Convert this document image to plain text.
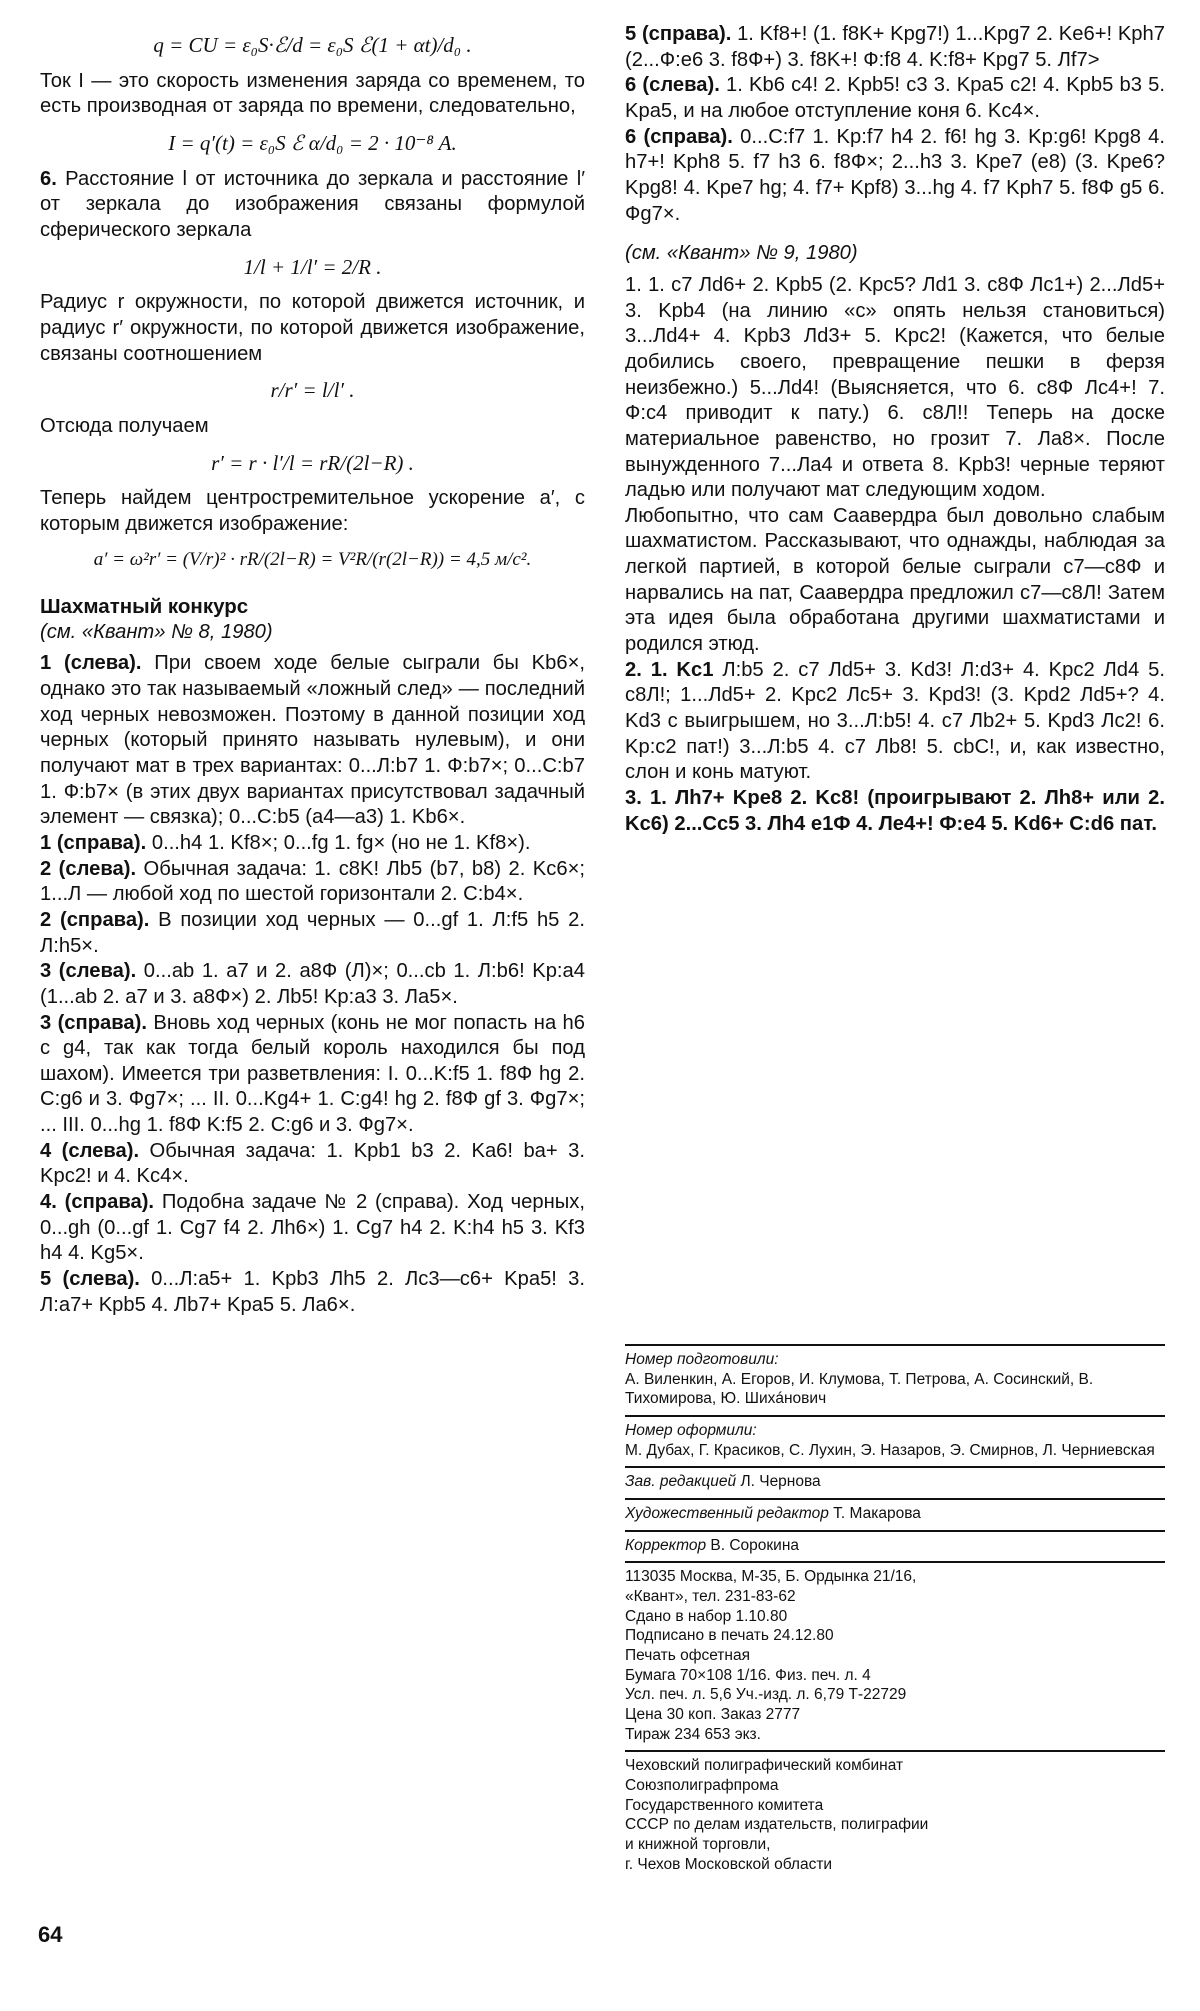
q = CU = ε₀S·ℰ/d = ε₀S ℰ(1 + αt)/d₀ .

Ток I — это скорость изменения заряда со временем, то есть производная от заряда по времени, следовательно,

I = q′(t) = ε₀S ℰ α/d₀ = 2 · 10⁻⁸ A.

6. Расстояние l от источника до зеркала и расстояние l′ от зеркала до изображения связаны формулой сферического зеркала

1/l + 1/l′ = 2/R .

Радиус r окружности, по которой движется источник, и радиус r′ окружности, по которой движется изображение, связаны соотношением

r/r′ = l/l′ .

Отсюда получаем

r′ = r · l′/l = rR/(2l−R) .

Теперь найдем центростремительное ускорение a′, с которым движется изображение:

a′ = ω²r′ = (V/r)² · rR/(2l−R) = V²R/(r(2l−R)) = 4,5 м/с².
Шахматный конкурс
(см. «Квант» № 8, 1980)

1 (слева). При своем ходе белые сыграли бы Kb6×, однако это так называемый «ложный след» — последний ход черных невозможен. Поэтому в данной позиции ход черных (который принято называть нулевым), и они получают мат в трех вариантах: 0...Л:b7 1. Ф:b7×; 0...C:b7 1. Ф:b7× (в этих двух вариантах присутствовал задачный элемент — связка); 0...C:b5 (a4—a3) 1. Kb6×.

1 (справа). 0...h4 1. Kf8×; 0...fg 1. fg× (но не 1. Kf8×).

2 (слева). Обычная задача: 1. c8K! Лb5 (b7, b8) 2. Kc6×; 1...Л — любой ход по шестой горизонтали 2. C:b4×.

2 (справа). В позиции ход черных — 0...gf 1. Л:f5 h5 2. Л:h5×.

3 (слева). 0...ab 1. a7 и 2. a8Ф (Л)×; 0...cb 1. Л:b6! Kp:a4 (1...ab 2. a7 и 3. a8Ф×) 2. Лb5! Kp:a3 3. Лa5×.

3 (справа). Вновь ход черных (конь не мог попасть на h6 с g4, так как тогда белый король находился бы под шахом). Имеется три разветвления: I. 0...K:f5 1. f8Ф hg 2. C:g6 и 3. Фg7×; ... II. 0...Kg4+ 1. C:g4! hg 2. f8Ф gf 3. Фg7×; ... III. 0...hg 1. f8Ф K:f5 2. C:g6 и 3. Фg7×.

4 (слева). Обычная задача: 1. Kpb1 b3 2. Ka6! ba+ 3. Kpc2! и 4. Kc4×.

4. (справа). Подобна задаче № 2 (справа). Ход черных, 0...gh (0...gf 1. Cg7 f4 2. Лh6×) 1. Cg7 h4 2. K:h4 h5 3. Kf3 h4 4. Kg5×.

5 (слева). 0...Л:a5+ 1. Kpb3 Лh5 2. Лc3—c6+ Kpa5! 3. Л:a7+ Kpb5 4. Лb7+ Kpa5 5. Лa6×.

5 (справа). 1. Kf8+! (1. f8K+ Kpg7!) 1...Kpg7 2. Ke6+! Kph7 (2...Ф:e6 3. f8Ф+) 3. f8K+! Ф:f8 4. K:f8+ Kpg7 5. Лf7>

6 (слева). 1. Kb6 c4! 2. Kpb5! c3 3. Kpa5 c2! 4. Kpb5 b3 5. Kpa5, и на любое отступление коня 6. Kc4×.

6 (справа). 0...C:f7 1. Kp:f7 h4 2. f6! hg 3. Kp:g6! Kpg8 4. h7+! Kph8 5. f7 h3 6. f8Ф×; 2...h3 3. Kpe7 (e8) (3. Kpe6? Kpg8! 4. Kpe7 hg; 4. f7+ Kpf8) 3...hg 4. f7 Kph7 5. f8Ф g5 6. Фg7×.

(см. «Квант» № 9, 1980)

1. 1. c7 Лd6+ 2. Kpb5 (2. Kpc5? Лd1 3. c8Ф Лc1+) 2...Лd5+ 3. Kpb4 (на линию «c» опять нельзя становиться) 3...Лd4+ 4. Kpb3 Лd3+ 5. Kpc2! (Кажется, что белые добились своего, превращение пешки в ферзя неизбежно.) 5...Лd4! (Выясняется, что 6. c8Ф Лc4+! 7. Ф:c4 приводит к пату.) 6. c8Л!! Теперь на доске материальное равенство, но грозит 7. Лa8×. После вынужденного 7...Лa4 и ответа 8. Kpb3! черные теряют ладью или получают мат следующим ходом.

Любопытно, что сам Саавердра был довольно слабым шахматистом. Рассказывают, что однажды, наблюдая за легкой партией, в которой белые сыграли c7—c8Ф и нарвались на пат, Саавердра предложил c7—c8Л! Затем эта идея была обработана другими шахматистами и родился этюд.

2. 1. Kc1 Л:b5 2. c7 Лd5+ 3. Kd3! Л:d3+ 4. Kpc2 Лd4 5. c8Л!; 1...Лd5+ 2. Kpc2 Лc5+ 3. Kpd3! (3. Kpd2 Лd5+? 4. Kd3 с выигрышем, но 3...Л:b5! 4. c7 Лb2+ 5. Kpd3 Лc2! 6. Kp:c2 пат!) 3...Л:b5 4. c7 Лb8! 5. cbC!, и, как известно, слон и конь матуют.

3. 1. Лh7+ Kpe8 2. Kc8! (проигрывают 2. Лh8+ или 2. Kc6) 2...Cc5 3. Лh4 e1Ф 4. Лe4+! Ф:e4 5. Kd6+ C:d6 пат.

Номер подготовили:
А. Виленкин, А. Егоров, И. Клумова, Т. Петрова, А. Сосинский, В. Тихомирова, Ю. Шихáнович
Номер оформили:
М. Дубах, Г. Красиков, С. Лухин, Э. Назаров, Э. Смирнов, Л. Черниевская
Зав. редакцией Л. Чернова
Художественный редактор Т. Макарова
Корректор В. Сорокина
113035 Москва, М-35, Б. Ордынка 21/16,
«Квант», тел. 231-83-62
Сдано в набор 1.10.80
Подписано в печать 24.12.80
Печать офсетная
Бумага 70×108 1/16. Физ. печ. л. 4
Усл. печ. л. 5,6 Уч.-изд. л. 6,79 Т-22729
Цена 30 коп. Заказ 2777
Тираж 234 653 экз.
Чеховский полиграфический комбинат
Союзполиграфпрома
Государственного комитета
СССР по делам издательств, полиграфии
и книжной торговли,
г. Чехов Московской области
64
